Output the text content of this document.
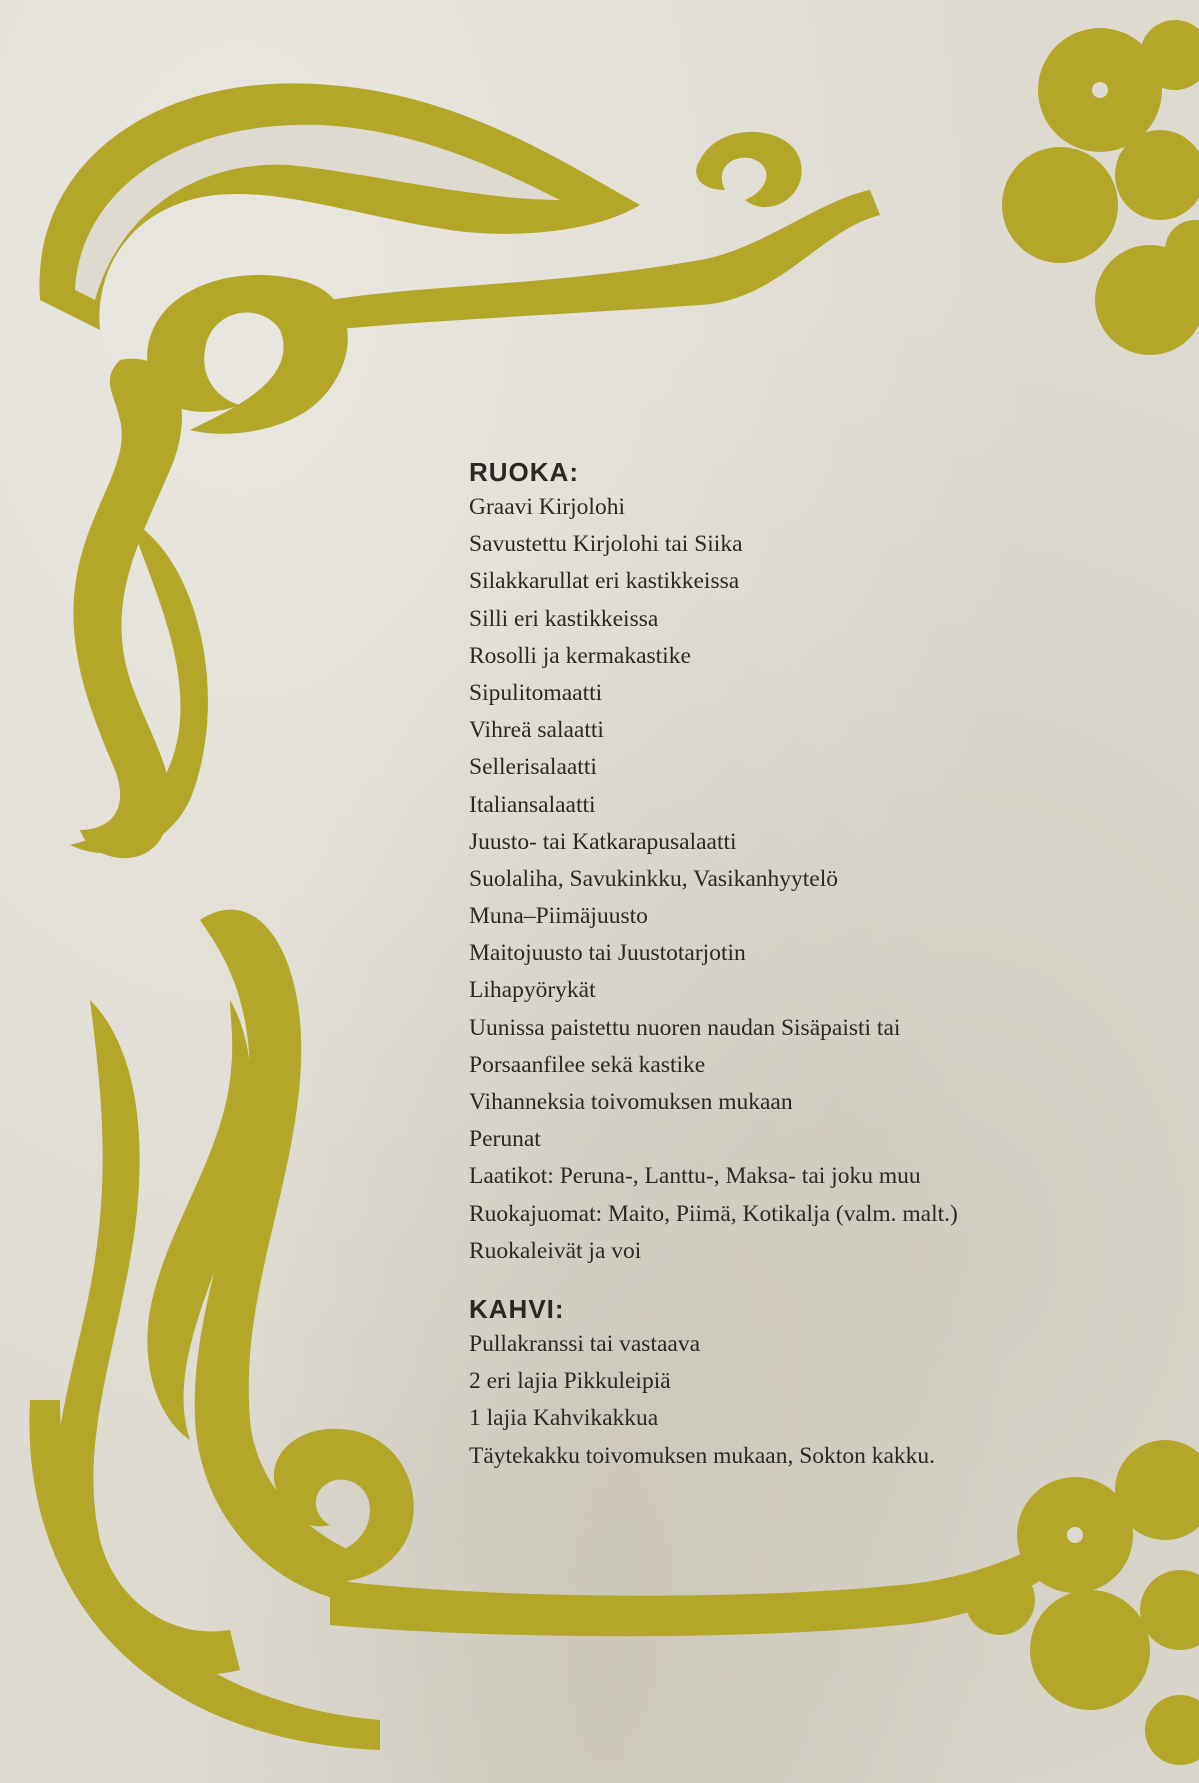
RUOKA:
Graavi Kirjolohi
Savustettu Kirjolohi tai Siika
Silakkarullat eri kastikkeissa
Silli eri kastikkeissa
Rosolli ja kermakastike
Sipulitomaatti
Vihreä salaatti
Sellerisalaatti
Italiansalaatti
Juusto- tai Katkarapusalaatti
Suolaliha, Savukinkku, Vasikanhyytelö
Muna–Piimäjuusto
Maitojuusto tai Juustotarjotin
Lihapyörykät
Uunissa paistettu nuoren naudan Sisäpaisti tai
Porsaanfilee sekä kastike
Vihanneksia toivomuksen mukaan
Perunat
Laatikot: Peruna-, Lanttu-, Maksa- tai joku muu
Ruokajuomat: Maito, Piimä, Kotikalja (valm. malt.)
Ruokaleivät ja voi
KAHVI:
Pullakranssi tai vastaava
2 eri lajia Pikkuleipiä
1 lajia Kahvikakkua
Täytekakku toivomuksen mukaan, Sokton kakku.
